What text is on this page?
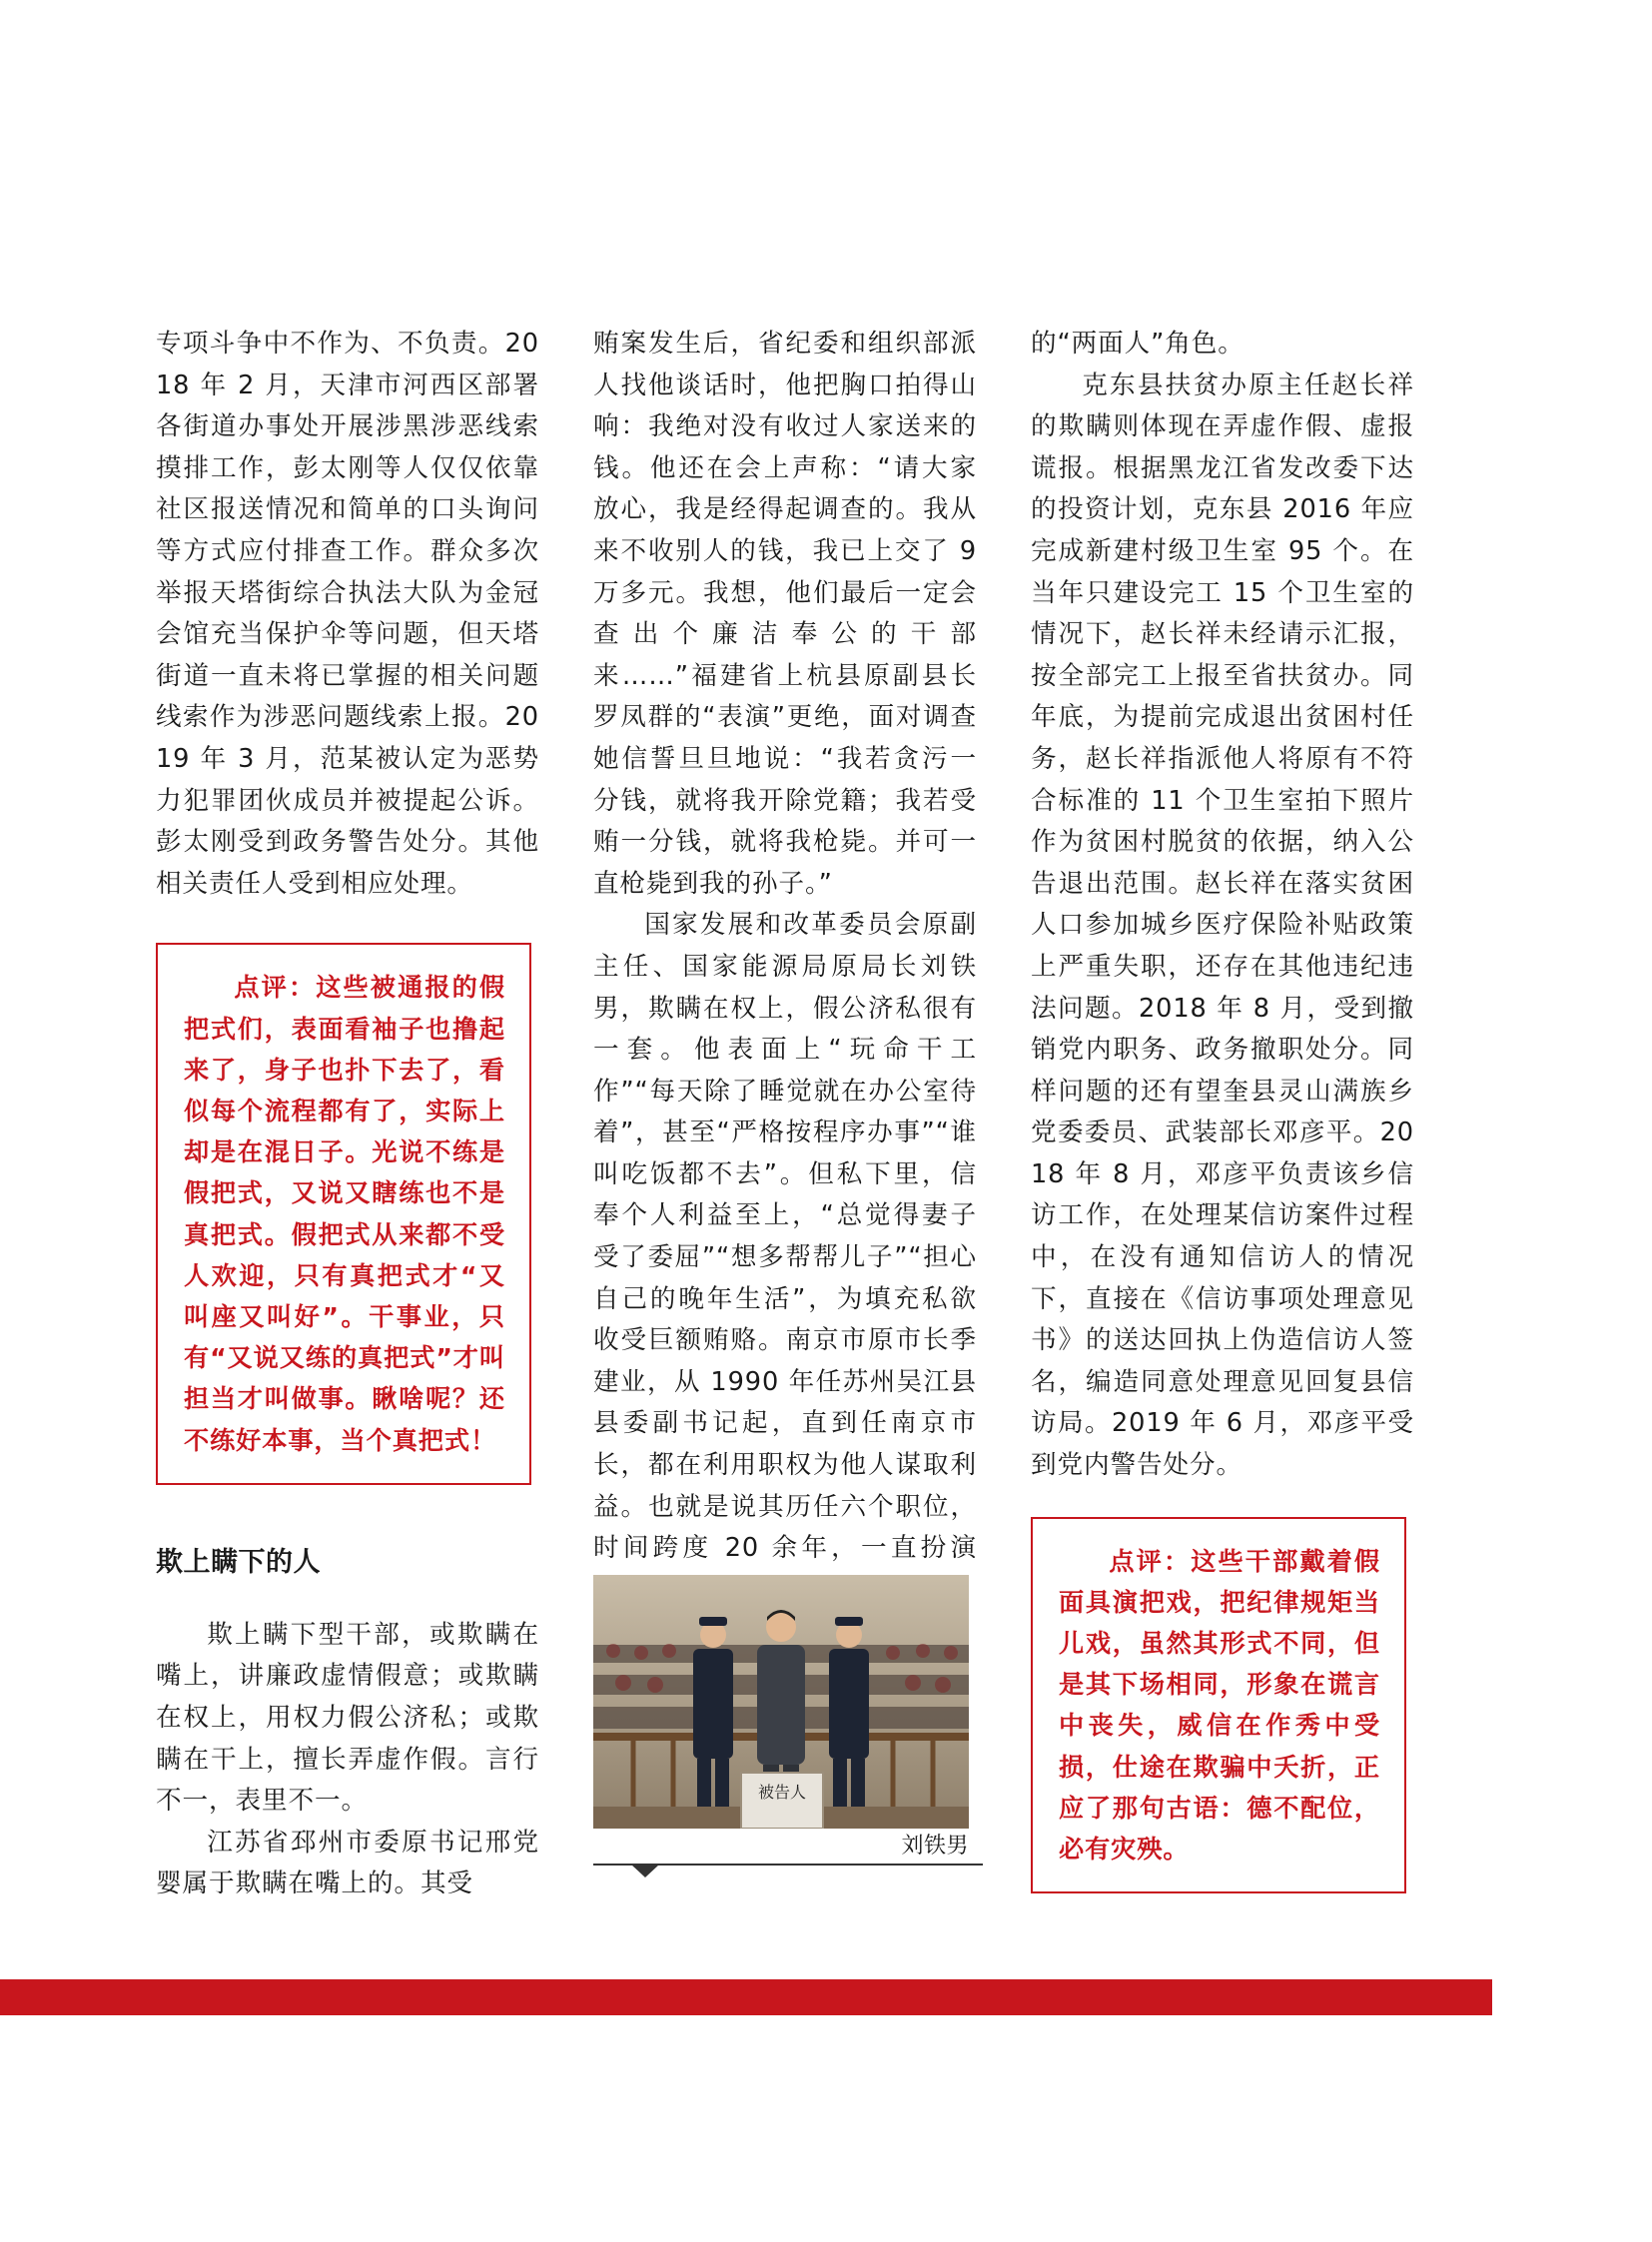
专项斗争中不作为、不负责。2018 年 2 月，天津市河西区部署各街道办事处开展涉黑涉恶线索摸排工作，彭太刚等人仅仅依靠社区报送情况和简单的口头询问等方式应付排查工作。群众多次举报天塔街综合执法大队为金冠会馆充当保护伞等问题，但天塔街道一直未将已掌握的相关问题线索作为涉恶问题线索上报。2019 年 3 月，范某被认定为恶势力犯罪团伙成员并被提起公诉。彭太刚受到政务警告处分。其他相关责任人受到相应处理。

点评：这些被通报的假把式们，表面看袖子也撸起来了，身子也扑下去了，看似每个流程都有了，实际上却是在混日子。光说不练是假把式，又说又瞎练也不是真把式。假把式从来都不受人欢迎，只有真把式才“又叫座又叫好”。干事业，只有“又说又练的真把式”才叫担当才叫做事。瞅啥呢？还不练好本事，当个真把式！

欺上瞒下的人

欺上瞒下型干部，或欺瞒在嘴上，讲廉政虚情假意；或欺瞒在权上，用权力假公济私；或欺瞒在干上，擅长弄虚作假。言行不一，表里不一。

江苏省邳州市委原书记邢党婴属于欺瞒在嘴上的。其受

贿案发生后，省纪委和组织部派人找他谈话时，他把胸口拍得山响：我绝对没有收过人家送来的钱。他还在会上声称：“请大家放心，我是经得起调查的。我从来不收别人的钱，我已上交了 9 万多元。我想，他们最后一定会查出个廉洁奉公的干部来……”福建省上杭县原副县长罗凤群的“表演”更绝，面对调查她信誓旦旦地说：“我若贪污一分钱，就将我开除党籍；我若受贿一分钱，就将我枪毙。并可一直枪毙到我的孙子。”

国家发展和改革委员会原副主任、国家能源局原局长刘铁男，欺瞒在权上，假公济私很有一套。他表面上“玩命干工作”“每天除了睡觉就在办公室待着”，甚至“严格按程序办事”“谁叫吃饭都不去”。但私下里，信奉个人利益至上，“总觉得妻子受了委屈”“想多帮帮儿子”“担心自己的晚年生活”，为填充私欲收受巨额贿赂。南京市原市长季建业，从 1990 年任苏州吴江县县委副书记起，直到任南京市长，都在利用职权为他人谋取利益。也就是说其历任六个职位，时间跨度 20 余年，一直扮演

被告人
刘铁男

的“两面人”角色。

克东县扶贫办原主任赵长祥的欺瞒则体现在弄虚作假、虚报谎报。根据黑龙江省发改委下达的投资计划，克东县 2016 年应完成新建村级卫生室 95 个。在当年只建设完工 15 个卫生室的情况下，赵长祥未经请示汇报，按全部完工上报至省扶贫办。同年底，为提前完成退出贫困村任务，赵长祥指派他人将原有不符合标准的 11 个卫生室拍下照片作为贫困村脱贫的依据，纳入公告退出范围。赵长祥在落实贫困人口参加城乡医疗保险补贴政策上严重失职，还存在其他违纪违法问题。2018 年 8 月，受到撤销党内职务、政务撤职处分。同样问题的还有望奎县灵山满族乡党委委员、武装部长邓彦平。2018 年 8 月，邓彦平负责该乡信访工作，在处理某信访案件过程中，在没有通知信访人的情况下，直接在《信访事项处理意见书》的送达回执上伪造信访人签名，编造同意处理意见回复县信访局。2019 年 6 月，邓彦平受到党内警告处分。

点评：这些干部戴着假面具演把戏，把纪律规矩当儿戏，虽然其形式不同，但是其下场相同，形象在谎言中丧失，威信在作秀中受损，仕途在欺骗中夭折，正应了那句古语：德不配位，必有灾殃。
